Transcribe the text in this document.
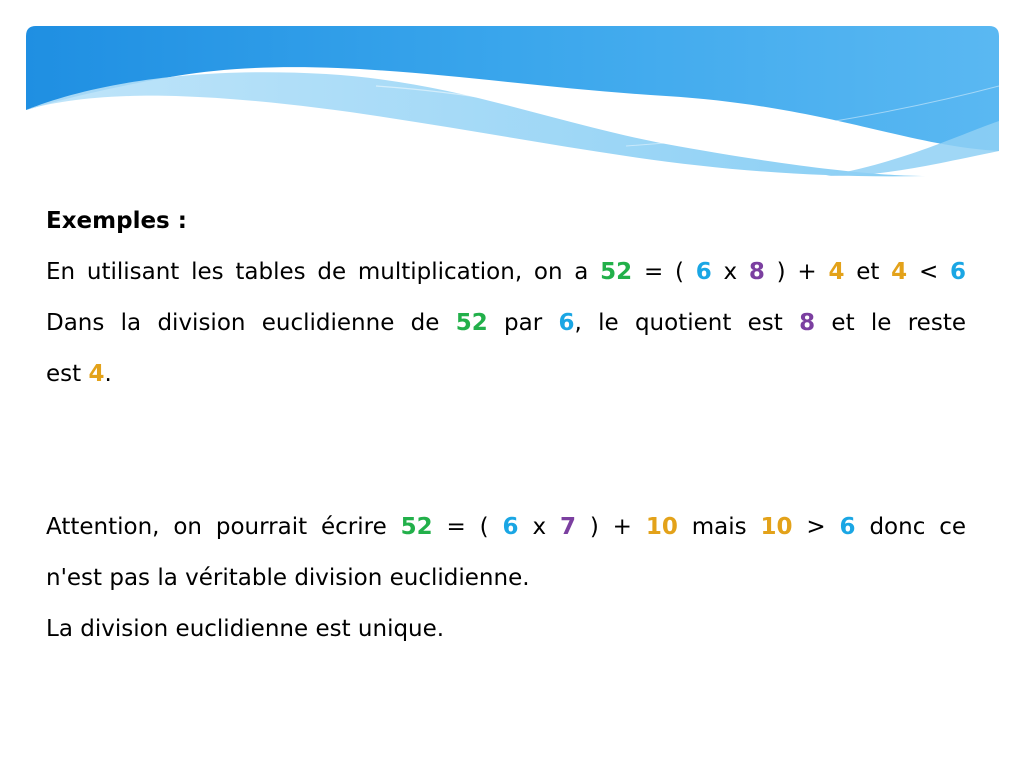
Exemples :
En utilisant les tables de multiplication, on a 52 = ( 6 x 8 ) + 4 et 4 < 6
Dans la division euclidienne de 52 par 6, le quotient est 8 et le reste
est 4.
Attention, on pourrait écrire 52 = ( 6 x 7 ) + 10 mais 10 > 6 donc ce
n'est pas la véritable division euclidienne.
La division euclidienne est unique.
